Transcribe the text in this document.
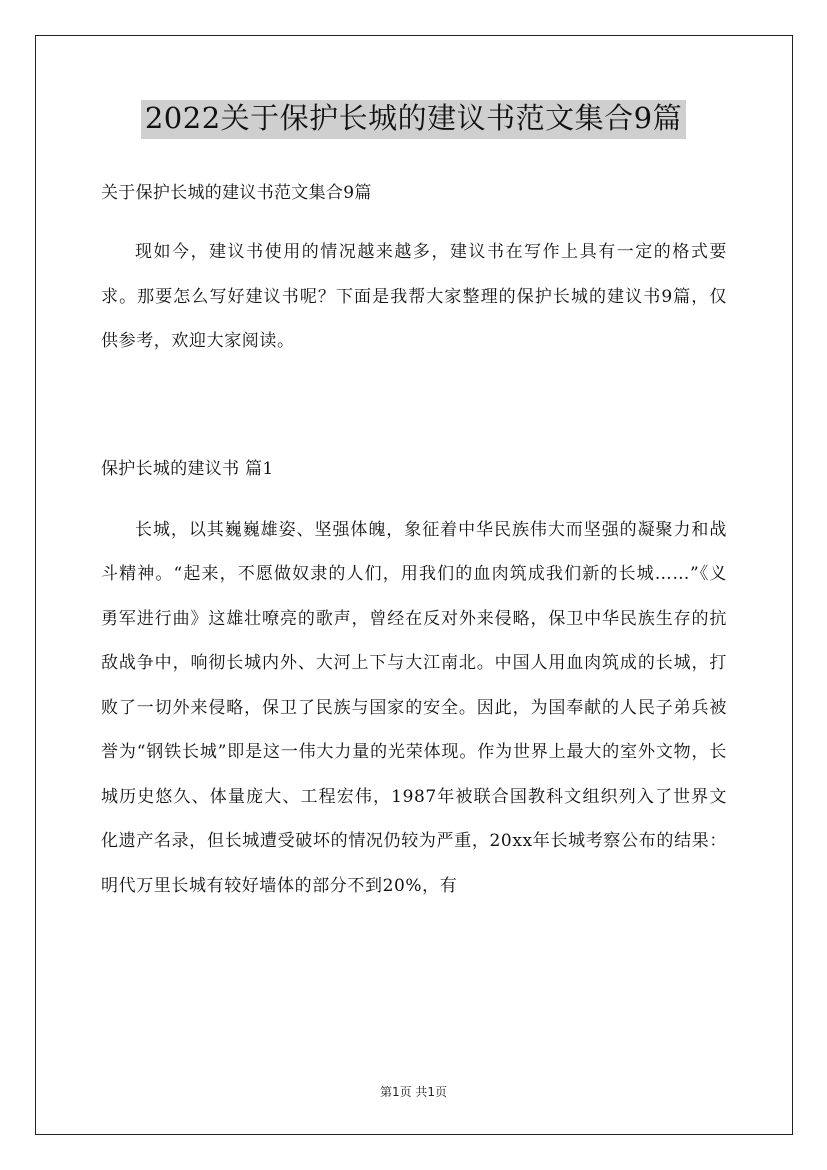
2022关于保护长城的建议书范文集合9篇

关于保护长城的建议书范文集合9篇

现如今，建议书使用的情况越来越多，建议书在写作上具有一定的格式要求。那要怎么写好建议书呢？下面是我帮大家整理的保护长城的建议书9篇，仅供参考，欢迎大家阅读。

保护长城的建议书 篇1

长城，以其巍巍雄姿、坚强体魄，象征着中华民族伟大而坚强的凝聚力和战斗精神。“起来，不愿做奴隶的人们，用我们的血肉筑成我们新的长城……”《义勇军进行曲》这雄壮嘹亮的歌声，曾经在反对外来侵略，保卫中华民族生存的抗敌战争中，响彻长城内外、大河上下与大江南北。中国人用血肉筑成的长城，打败了一切外来侵略，保卫了民族与国家的安全。因此，为国奉献的人民子弟兵被誉为“钢铁长城”即是这一伟大力量的光荣体现。作为世界上最大的室外文物，长城历史悠久、体量庞大、工程宏伟，1987年被联合国教科文组织列入了世界文化遗产名录，但长城遭受破坏的情况仍较为严重，20xx年长城考察公布的结果：明代万里长城有较好墙体的部分不到20%，有

第1页 共1页
